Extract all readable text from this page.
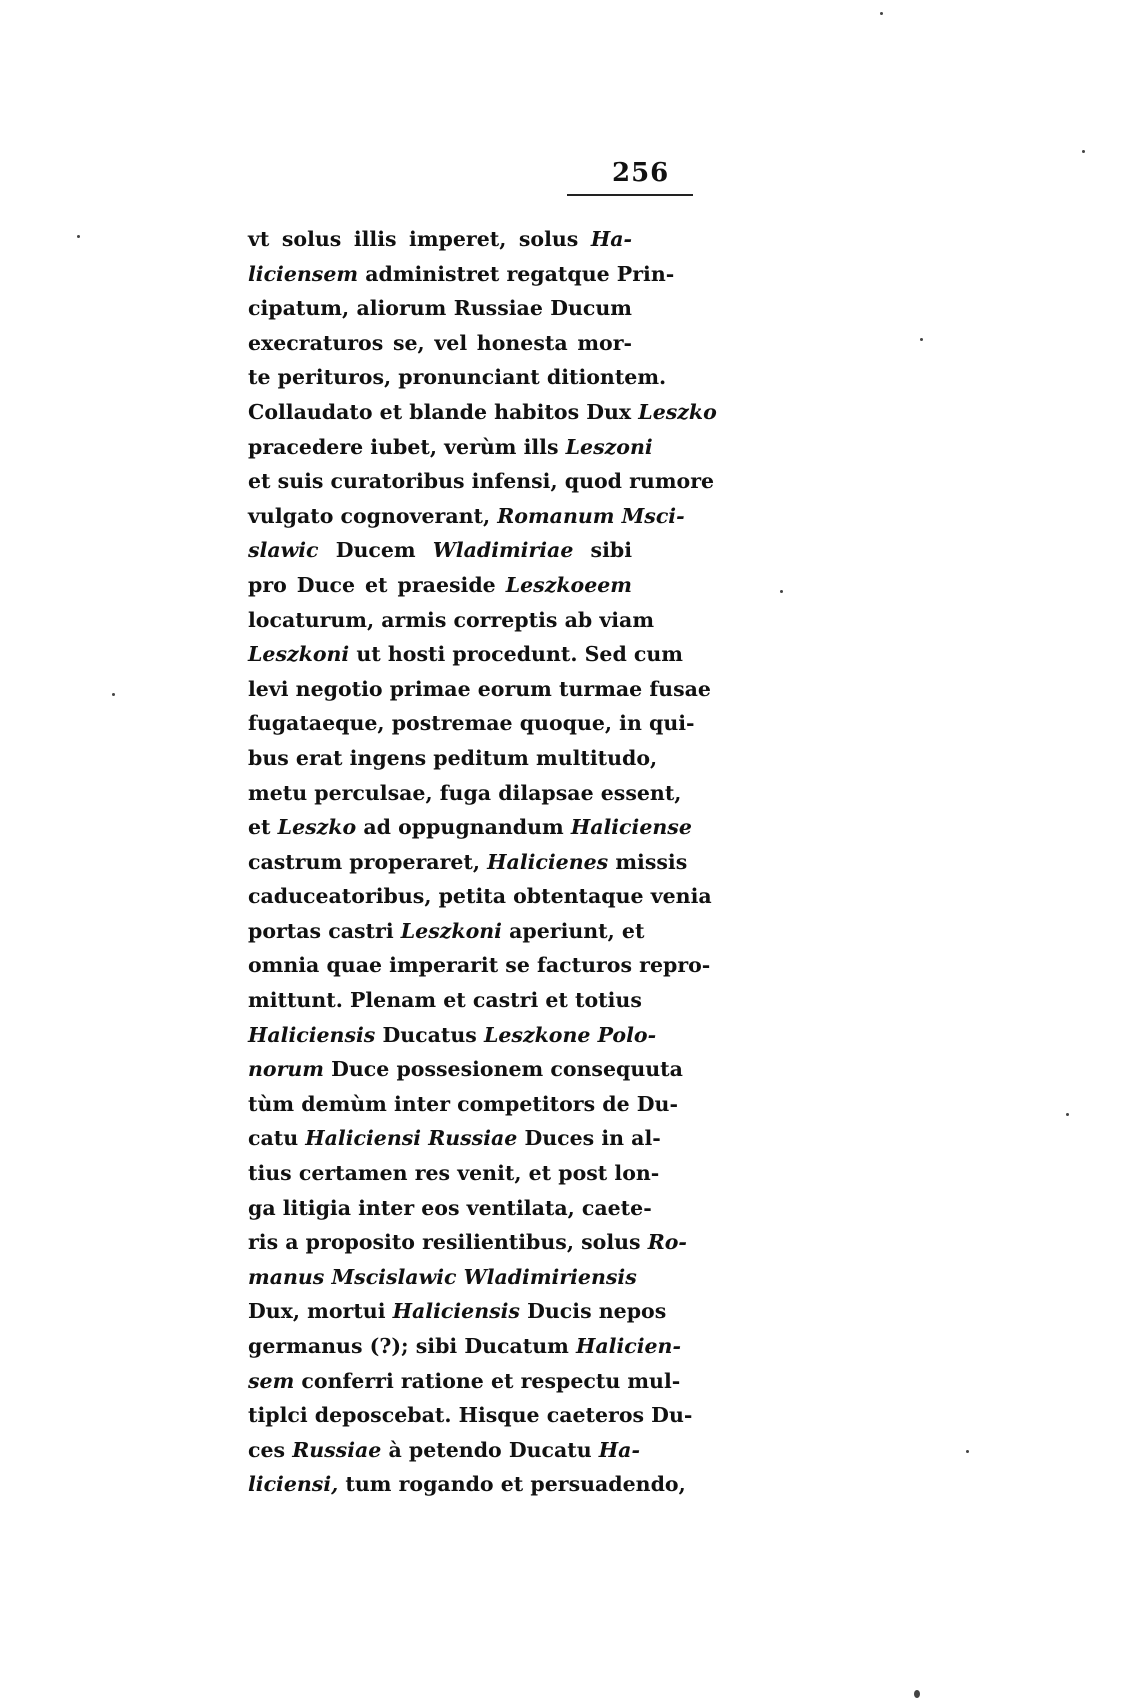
256
vt solus illis imperet, solus Ha-
liciensem administret regatque Prin-
cipatum, aliorum Russiae Ducum
execraturos se, vel honesta mor-
te perituros, pronunciant ditiontem.
Collaudato et blande habitos Dux Leszko
pracedere iubet, verùm ills Leszoni
et suis curatoribus infensi, quod rumore
vulgato cognoverant, Romanum Msci-
slawic Ducem Wladimiriae sibi
pro Duce et praeside Leszkoeem
locaturum, armis correptis ab viam
Leszkoni ut hosti procedunt. Sed cum
levi negotio primae eorum turmae fusae
fugataeque, postremae quoque, in qui-
bus erat ingens peditum multitudo,
metu perculsae, fuga dilapsae essent,
et Leszko ad oppugnandum Haliciense
castrum properaret, Halicienes missis
caduceatoribus, petita obtentaque venia
portas castri Leszkoni aperiunt, et
omnia quae imperarit se facturos repro-
mittunt. Plenam et castri et totius
Haliciensis Ducatus Leszkone Polo-
norum Duce possesionem consequuta
tùm demùm inter competitors de Du-
catu Haliciensi Russiae Duces in al-
tius certamen res venit, et post lon-
ga litigia inter eos ventilata, caete-
ris a proposito resilientibus, solus Ro-
manus Mscislawic Wladimiriensis
Dux, mortui Haliciensis Ducis nepos
germanus (?); sibi Ducatum Halicien-
sem conferri ratione et respectu mul-
tiplci deposcebat. Hisque caeteros Du-
ces Russiae à petendo Ducatu Ha-
liciensi, tum rogando et persuadendo,
